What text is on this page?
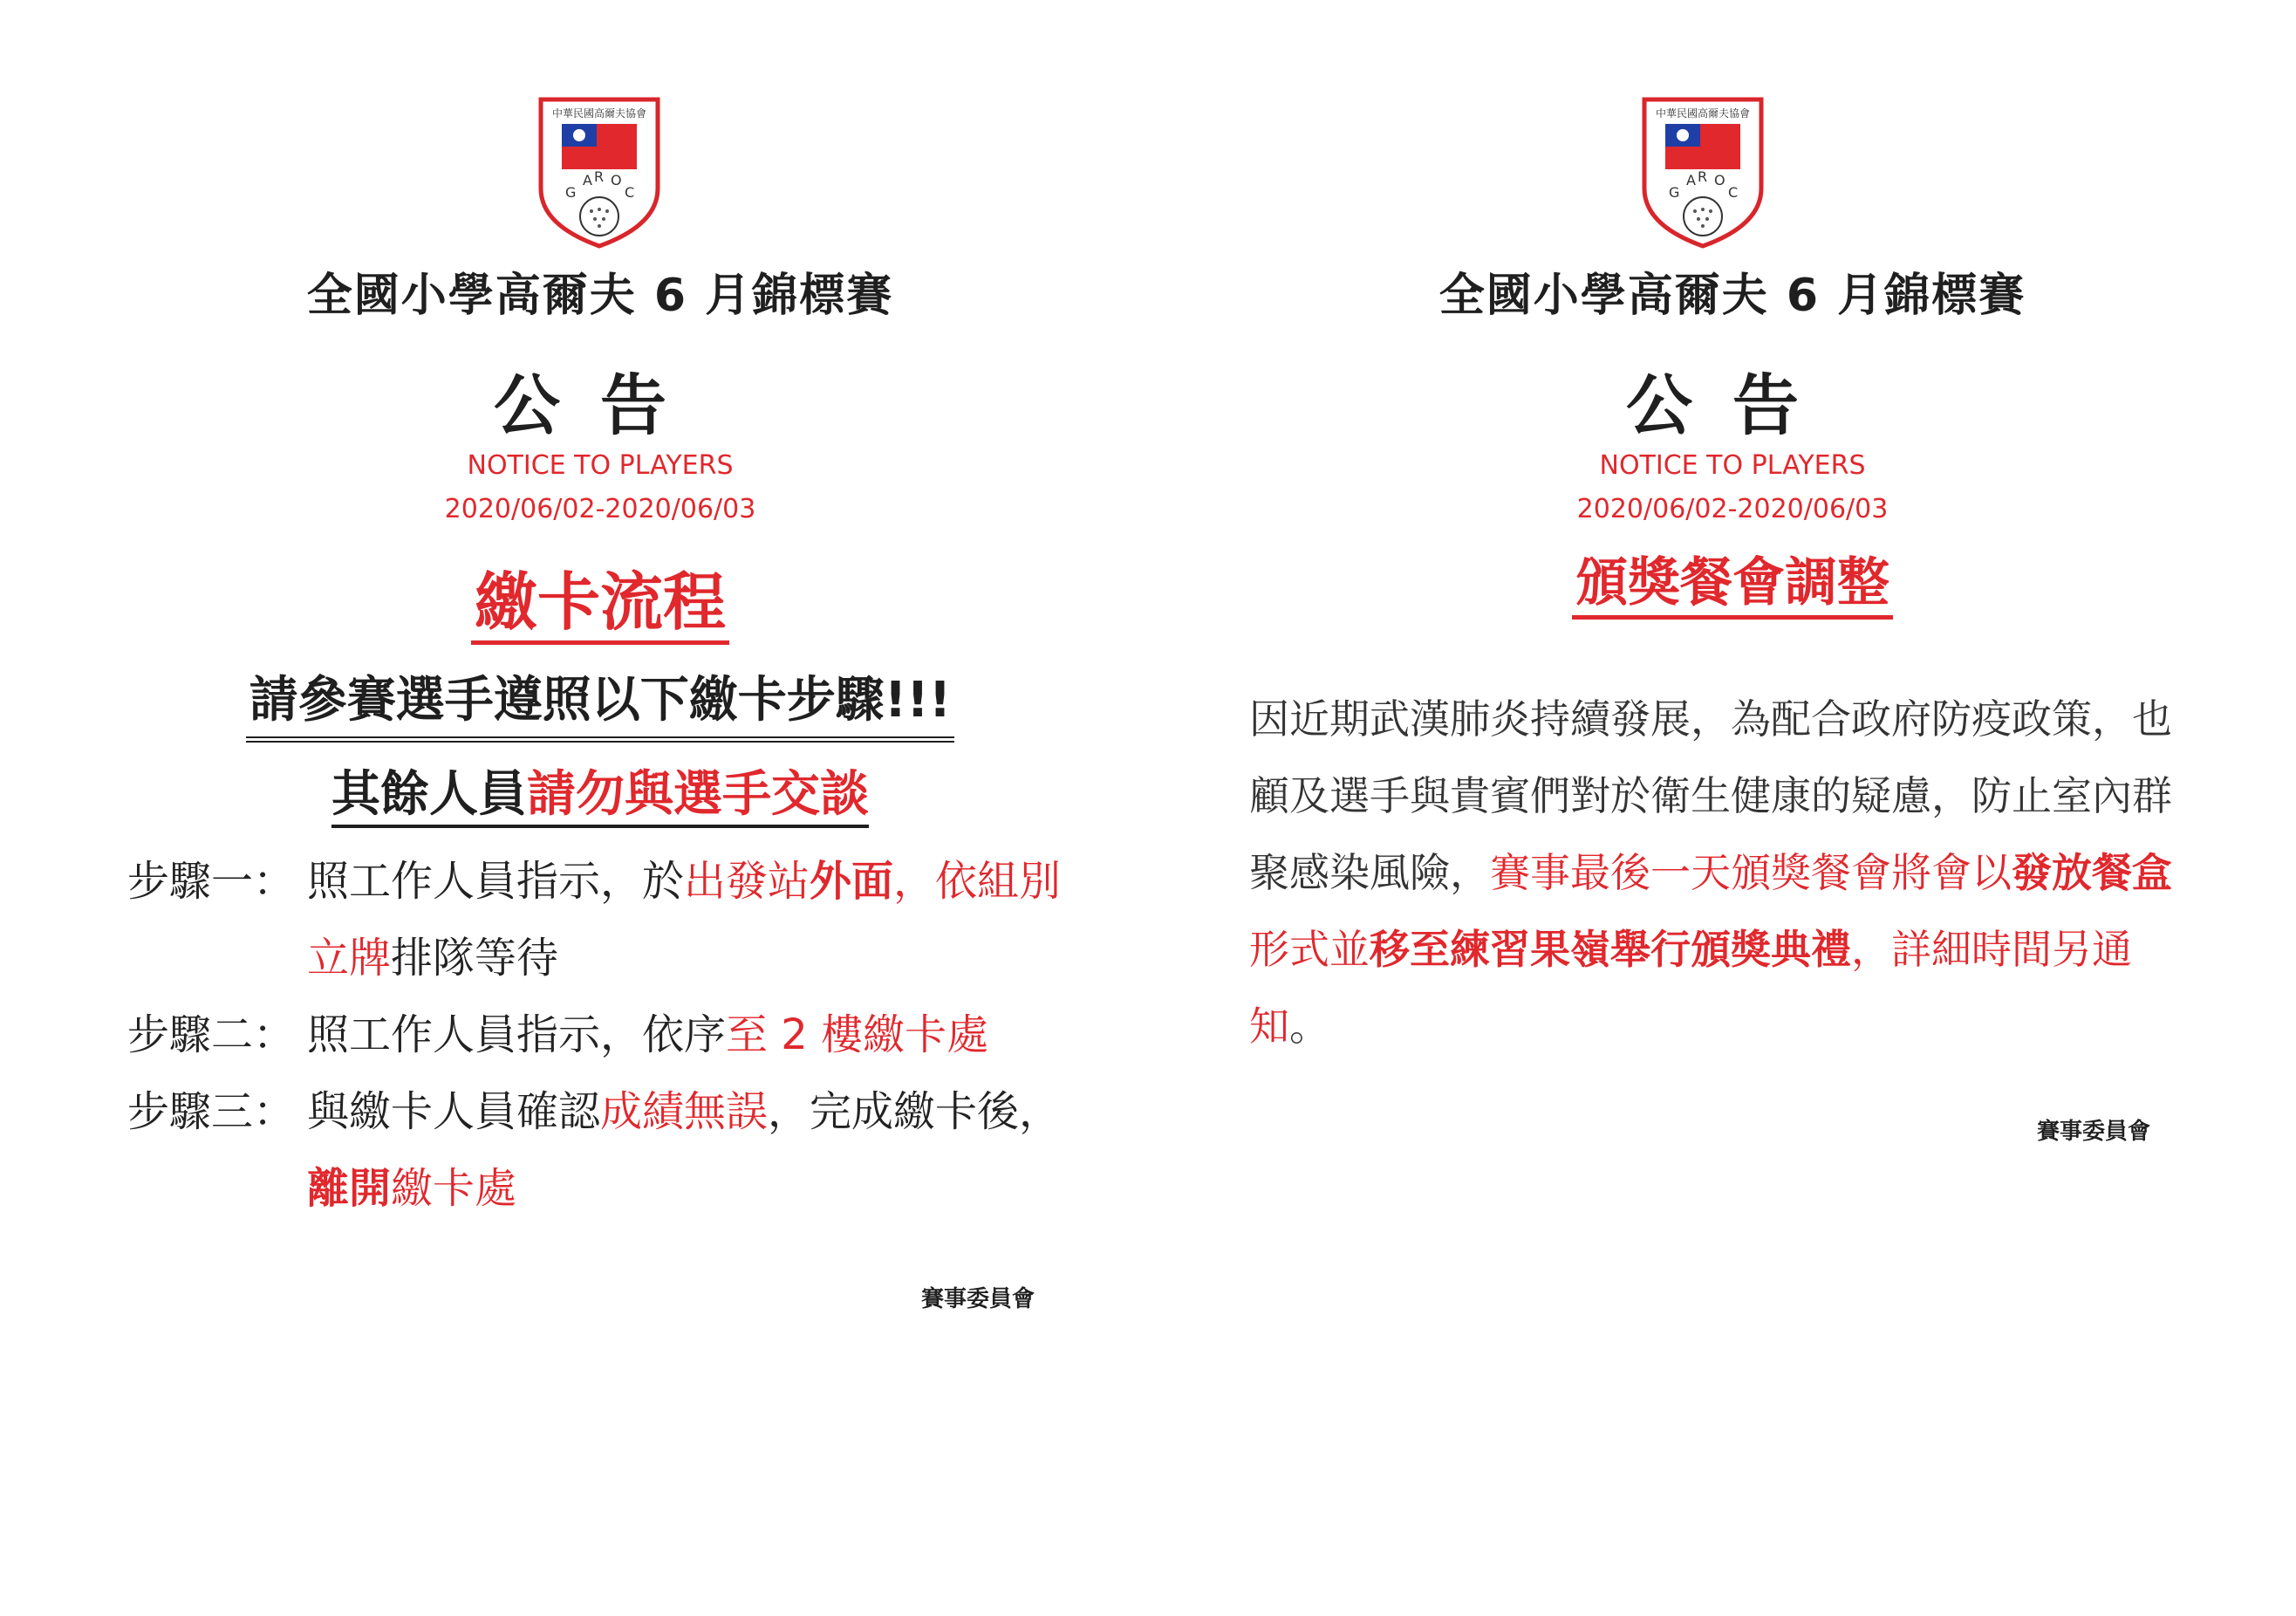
中華民國高爾夫協會
G
A R O
C
全國小學高爾夫 6 月錦標賽
公告
NOTICE TO PLAYERS
2020/06/02-2020/06/03
繳卡流程
請參賽選手遵照以下繳卡步驟!!!
其餘人員請勿與選手交談
步驟一： 照工作人員指示，於出發站外面，依組別立牌排隊等待
步驟二： 照工作人員指示，依序至 2 樓繳卡處
步驟三： 與繳卡人員確認成績無誤，完成繳卡後，離開繳卡處
賽事委員會
中華民國高爾夫協會
G
A R O
C
全國小學高爾夫 6 月錦標賽
公告
NOTICE TO PLAYERS
2020/06/02-2020/06/03
頒獎餐會調整
因近期武漢肺炎持續發展，為配合政府防疫政策，也顧及選手與貴賓們對於衛生健康的疑慮，防止室內群聚感染風險，賽事最後一天頒獎餐會將會以發放餐盒形式並移至練習果嶺舉行頒獎典禮，詳細時間另通知。
賽事委員會
